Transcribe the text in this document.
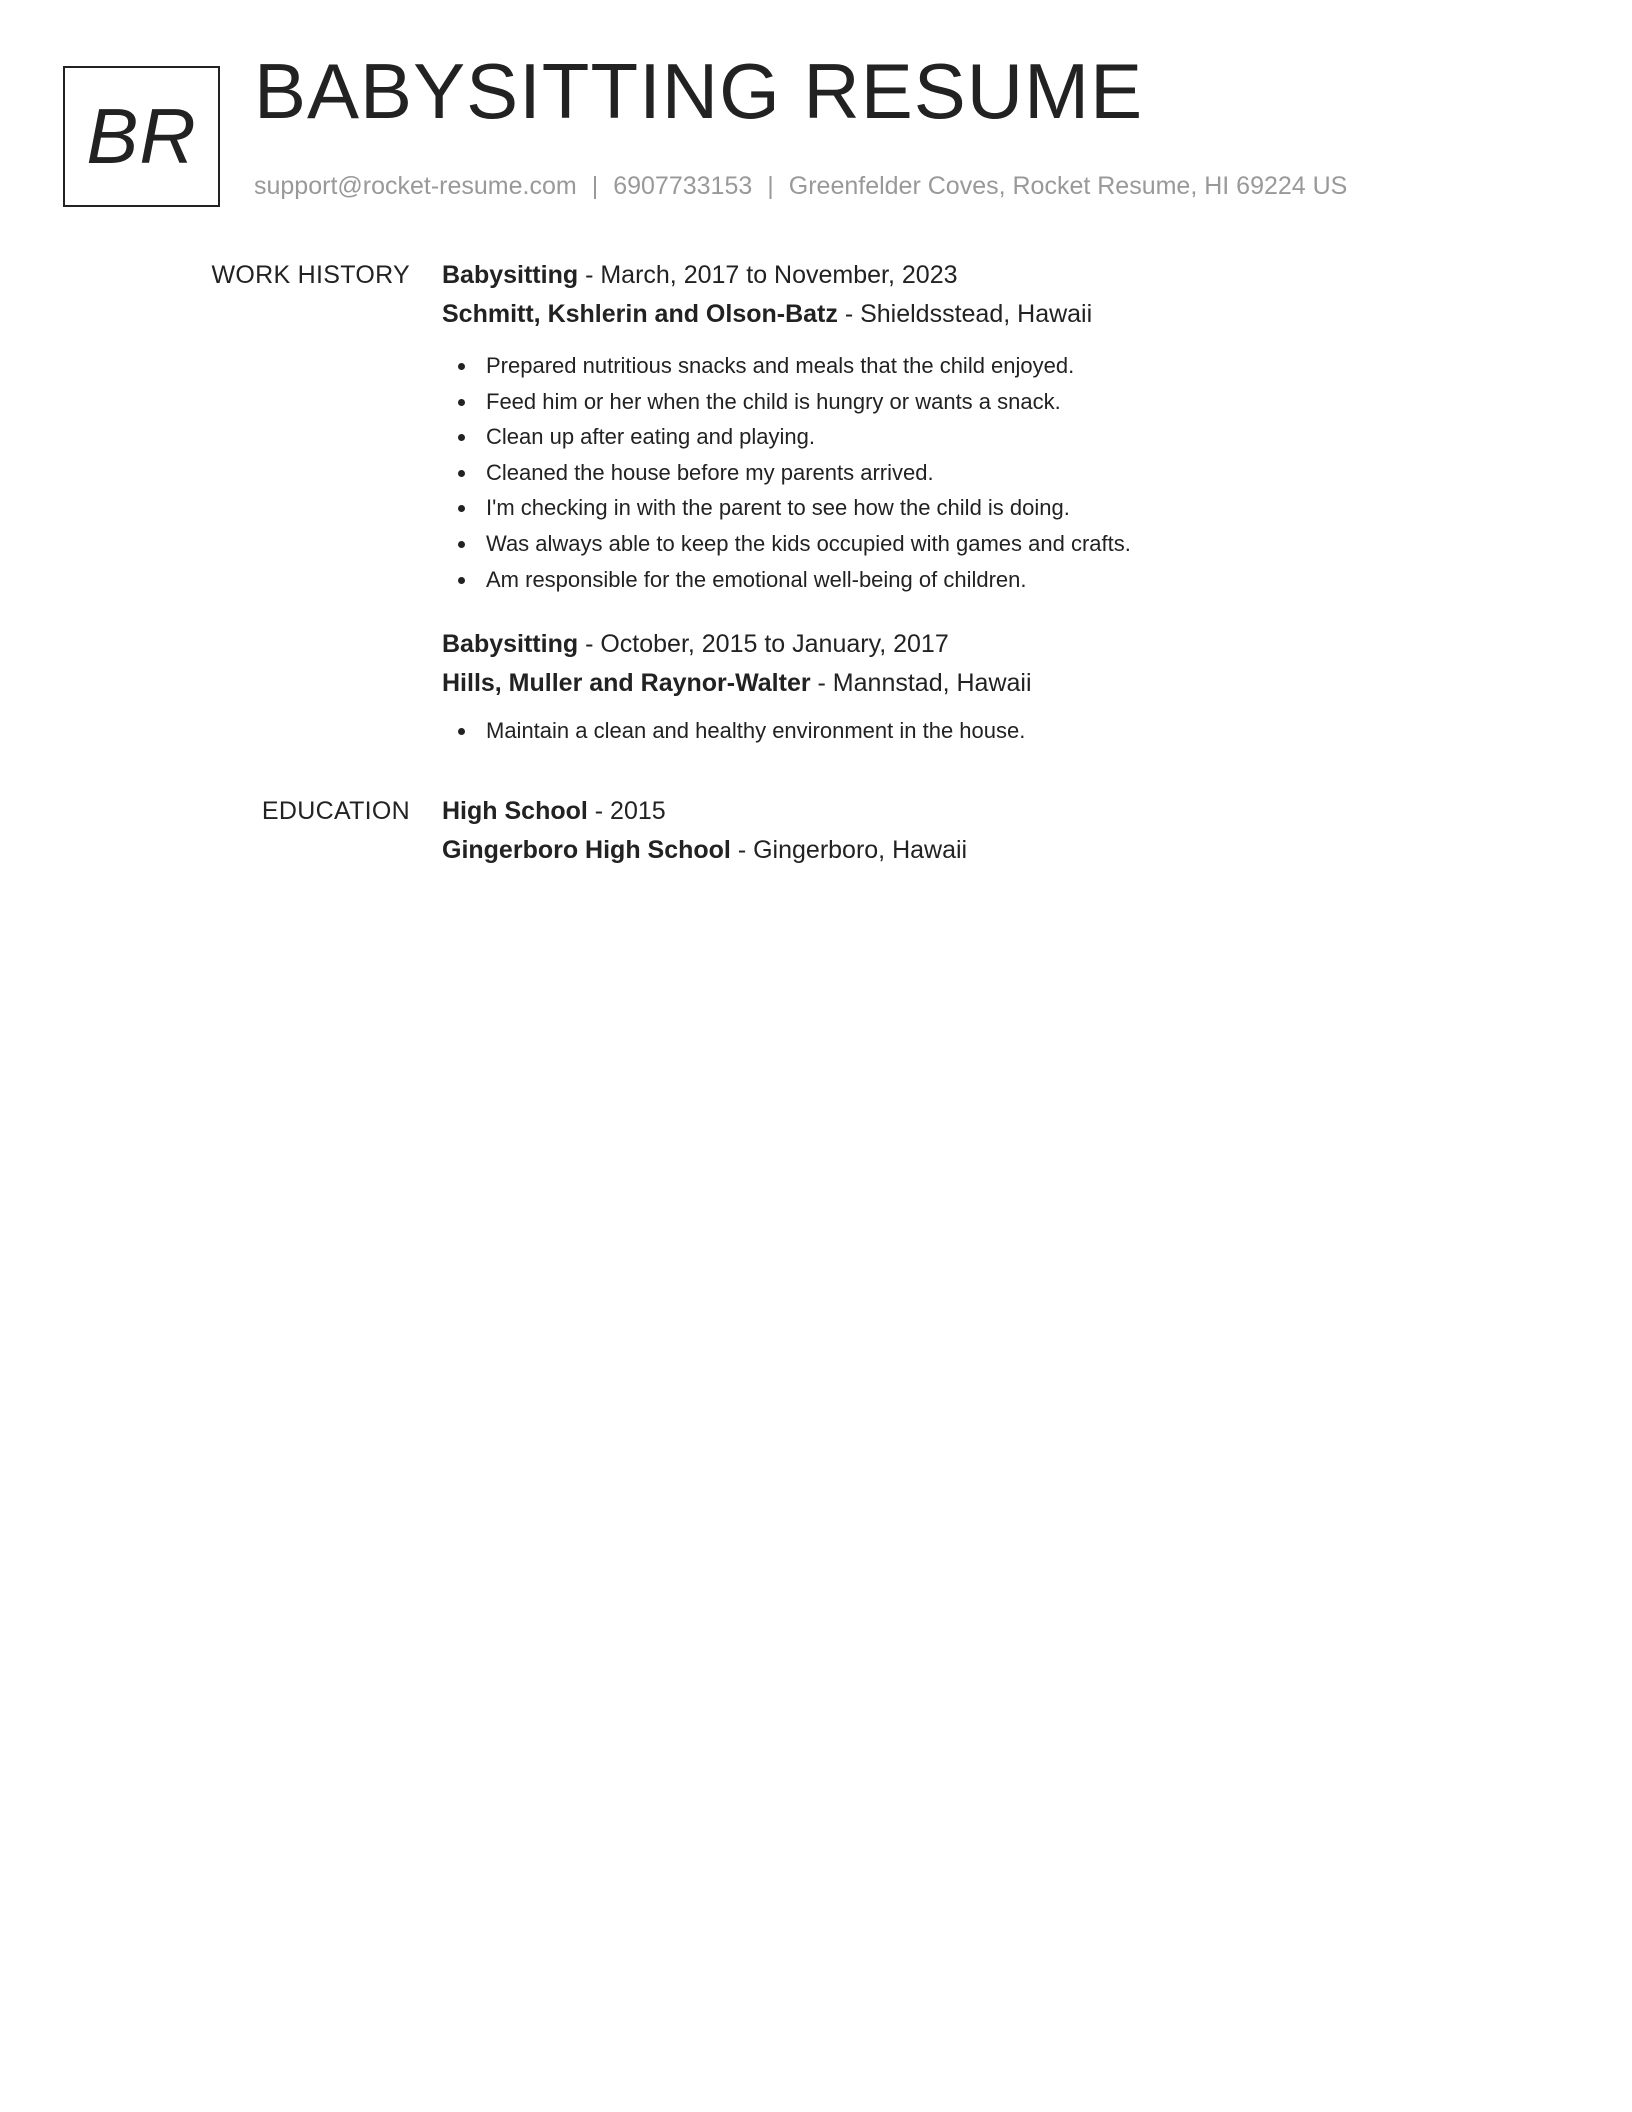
BR
BABYSITTING RESUME
support@rocket-resume.com | 6907733153 | Greenfelder Coves, Rocket Resume, HI 69224 US
WORK HISTORY Babysitting - March, 2017 to November, 2023

Schmitt, Kshlerin and Olson-Batz - Shieldsstead, Hawaii

Prepared nutritious snacks and meals that the child enjoyed.
Feed him or her when the child is hungry or wants a snack.
Clean up after eating and playing.
Cleaned the house before my parents arrived.
I'm checking in with the parent to see how the child is doing.
Was always able to keep the kids occupied with games and crafts.
Am responsible for the emotional well-being of children.

Babysitting - October, 2015 to January, 2017

Hills, Muller and Raynor-Walter - Mannstad, Hawaii

Maintain a clean and healthy environment in the house.
EDUCATION High School - 2015

Gingerboro High School - Gingerboro, Hawaii
